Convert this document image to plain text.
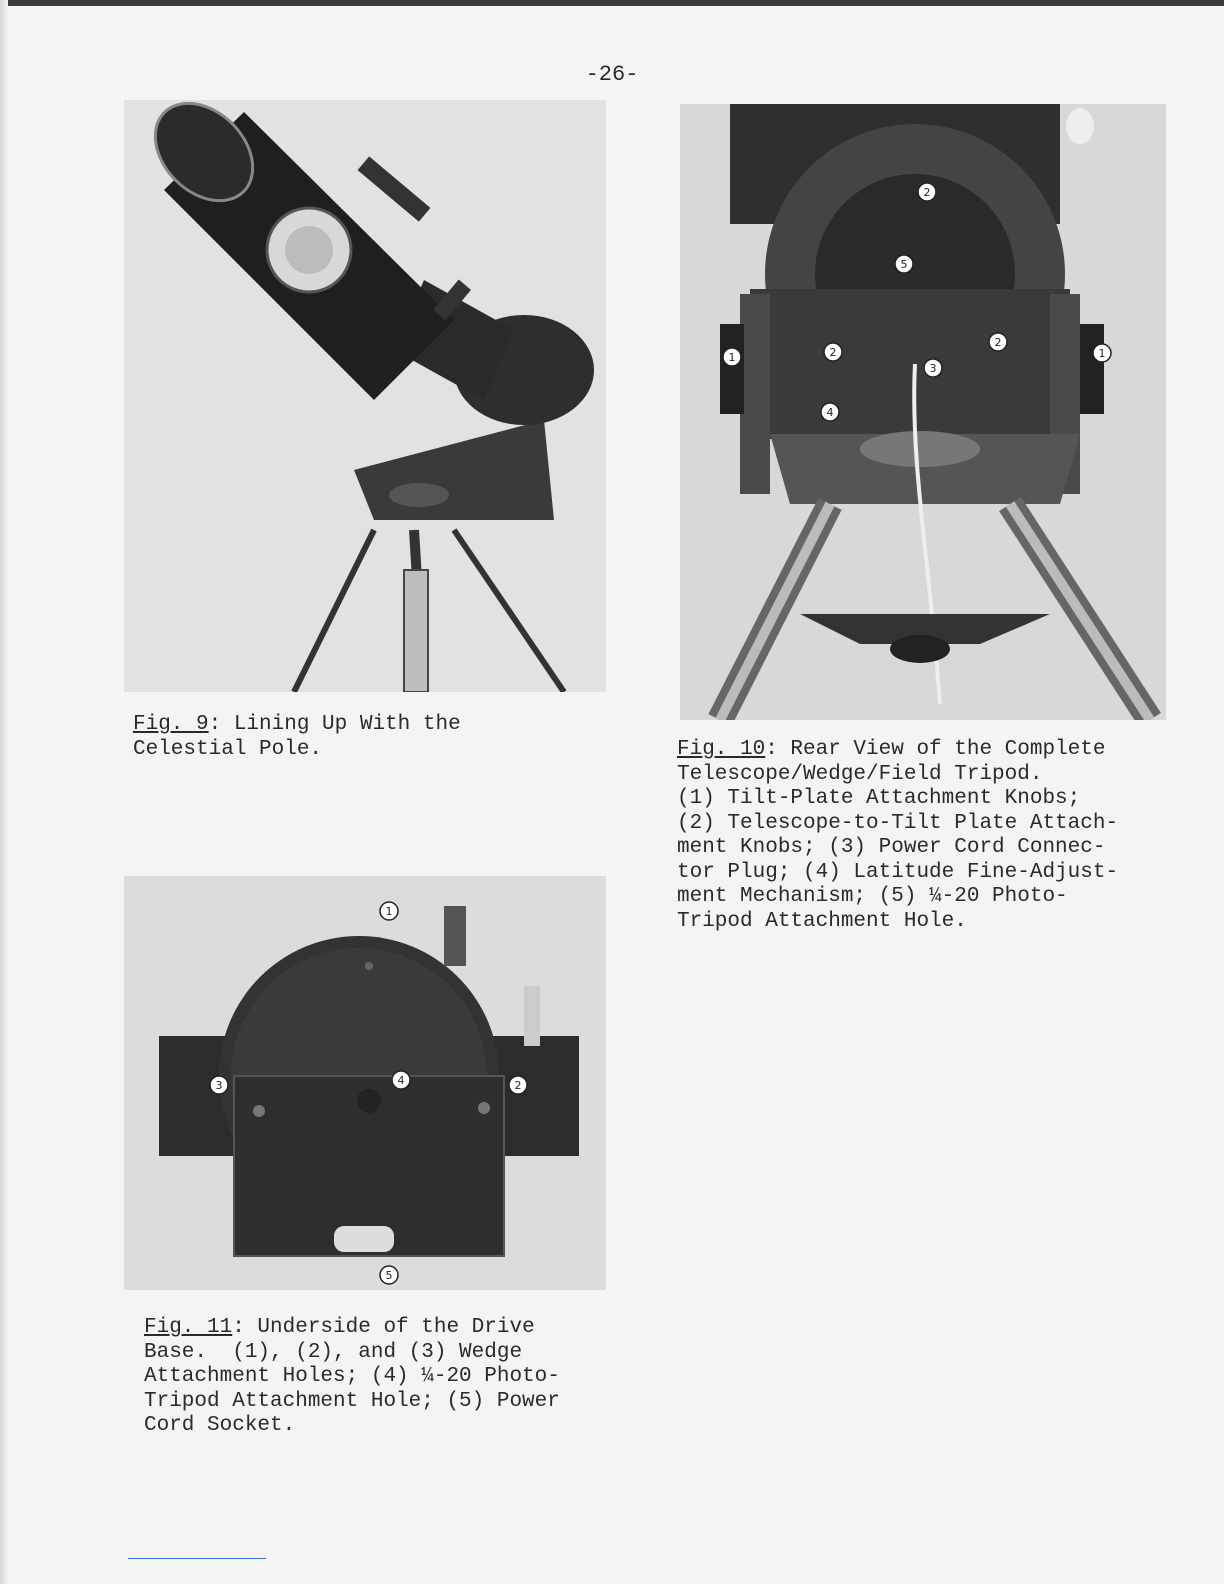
-26-
1
2
2
2
3
4
5
1
1
4
3	2
5
Fig. 9: Lining Up With the
Celestial Pole.	Fig. 10: Rear View of the Complete
Telescope/Wedge/Field Tripod.
(1) Tilt-Plate Attachment Knobs;
(2) Telescope-to-Tilt Plate Attach-
ment Knobs; (3) Power Cord Connec-
tor Plug; (4) Latitude Fine-Adjust-
ment Mechanism; (5) ¼-20 Photo-
Tripod Attachment Hole.
Fig. 11: Underside of the Drive
Base.  (1), (2), and (3) Wedge
Attachment Holes; (4) ¼-20 Photo-
Tripod Attachment Hole; (5) Power
Cord Socket.
